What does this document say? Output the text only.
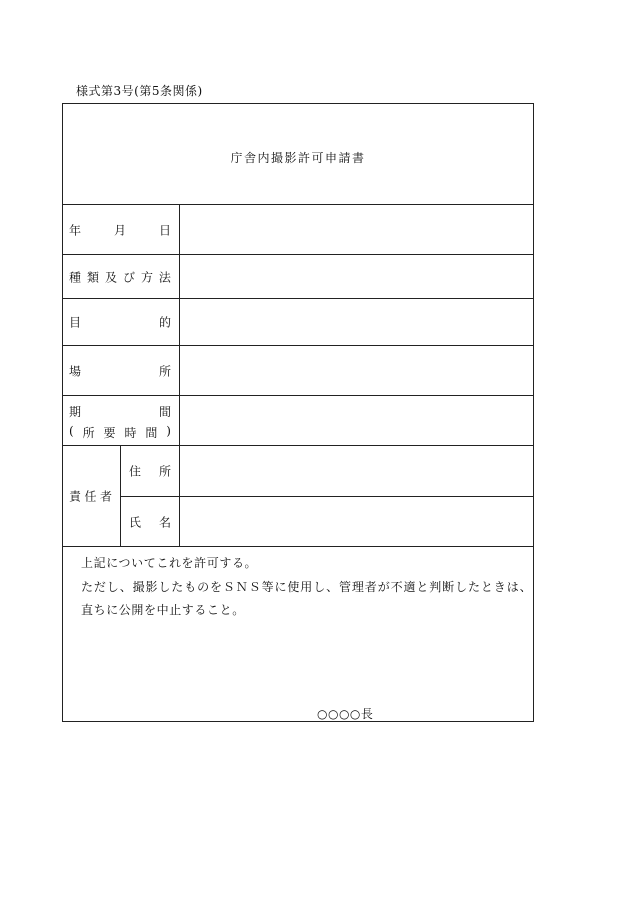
様式第3号(第5条関係)
庁舎内撮影許可申請書
年	月	日
種 類 及 び 方 法
目	的
場	所
期	間
( 所 要 時 間 )
責 任 者
住 所
氏 名

上記についてこれを許可する。

ただし、撮影したものをＳＮＳ等に使用し、管理者が不適と判断したときは、

直ちに公開を中止すること。

○○○○長
